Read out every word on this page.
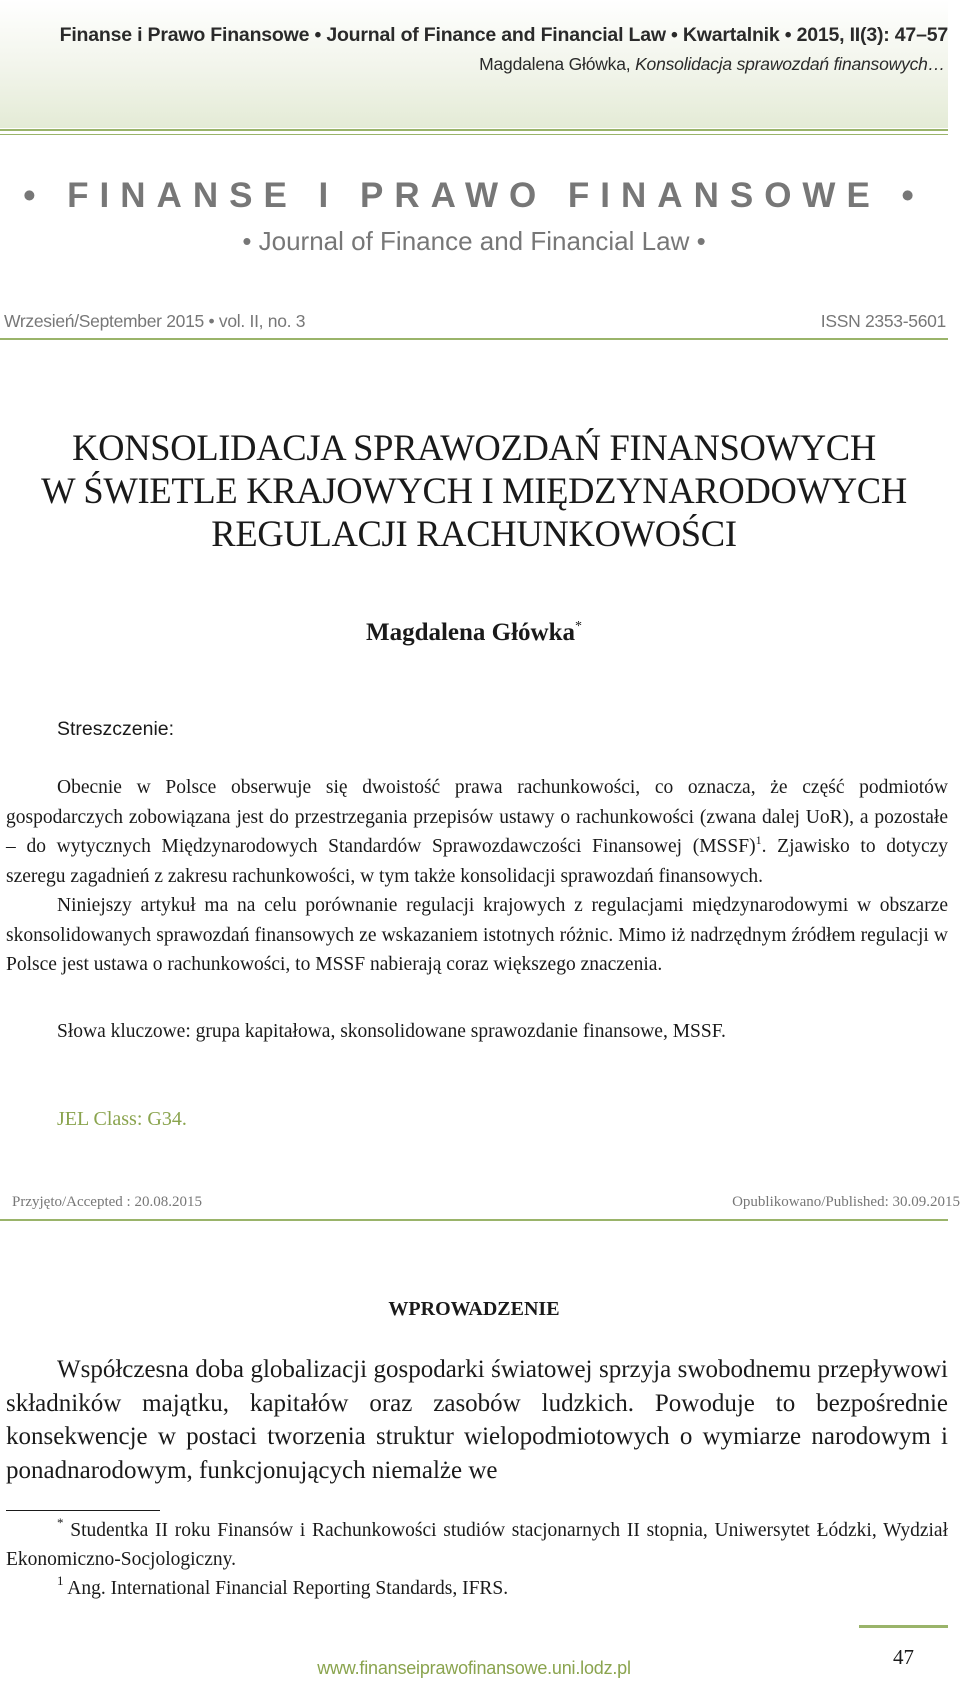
Finanse i Prawo Finansowe • Journal of Finance and Financial Law • Kwartalnik • 2015, II(3): 47–57
Magdalena Główka, Konsolidacja sprawozdań finansowych…
• FINANSE I PRAWO FINANSOWE •
• Journal of Finance and Financial Law •
Wrzesień/September 2015 • vol. II, no. 3	ISSN 2353-5601
KONSOLIDACJA SPRAWOZDAŃ FINANSOWYCH
W ŚWIETLE KRAJOWYCH I MIĘDZYNARODOWYCH
REGULACJI RACHUNKOWOŚCI
Magdalena Główka*
Streszczenie:
Obecnie w Polsce obserwuje się dwoistość prawa rachunkowości, co oznacza, że część podmiotów gospodarczych zobowiązana jest do przestrzegania przepisów ustawy o rachunkowości (zwana dalej UoR), a pozostałe – do wytycznych Międzynarodowych Standardów Sprawozdawczości Finansowej (MSSF)$^1$. Zjawisko to dotyczy szeregu zagadnień z zakresu rachunkowości, w tym także konsolidacji sprawozdań finansowych.
Niniejszy artykuł ma na celu porównanie regulacji krajowych z regulacjami międzynarodowymi w obszarze skonsolidowanych sprawozdań finansowych ze wskazaniem istotnych różnic. Mimo iż nadrzędnym źródłem regulacji w Polsce jest ustawa o rachunkowości, to MSSF nabierają coraz większego znaczenia.
Słowa kluczowe: grupa kapitałowa, skonsolidowane sprawozdanie finansowe, MSSF.
JEL Class: G34.
Przyjęto/Accepted : 20.08.2015	Opublikowano/Published: 30.09.2015
WPROWADZENIE
Współczesna doba globalizacji gospodarki światowej sprzyja swobodnemu przepływowi składników majątku, kapitałów oraz zasobów ludzkich. Powoduje to bezpośrednie konsekwencje w postaci tworzenia struktur wielopodmiotowych o wymiarze narodowym i ponadnarodowym, funkcjonujących niemalże we
* Studentka II roku Finansów i Rachunkowości studiów stacjonarnych II stopnia, Uniwersytet Łódzki, Wydział Ekonomiczno-Socjologiczny.
$^1$ Ang. International Financial Reporting Standards, IFRS.
47
www.finanseiprawofinansowe.uni.lodz.pl
